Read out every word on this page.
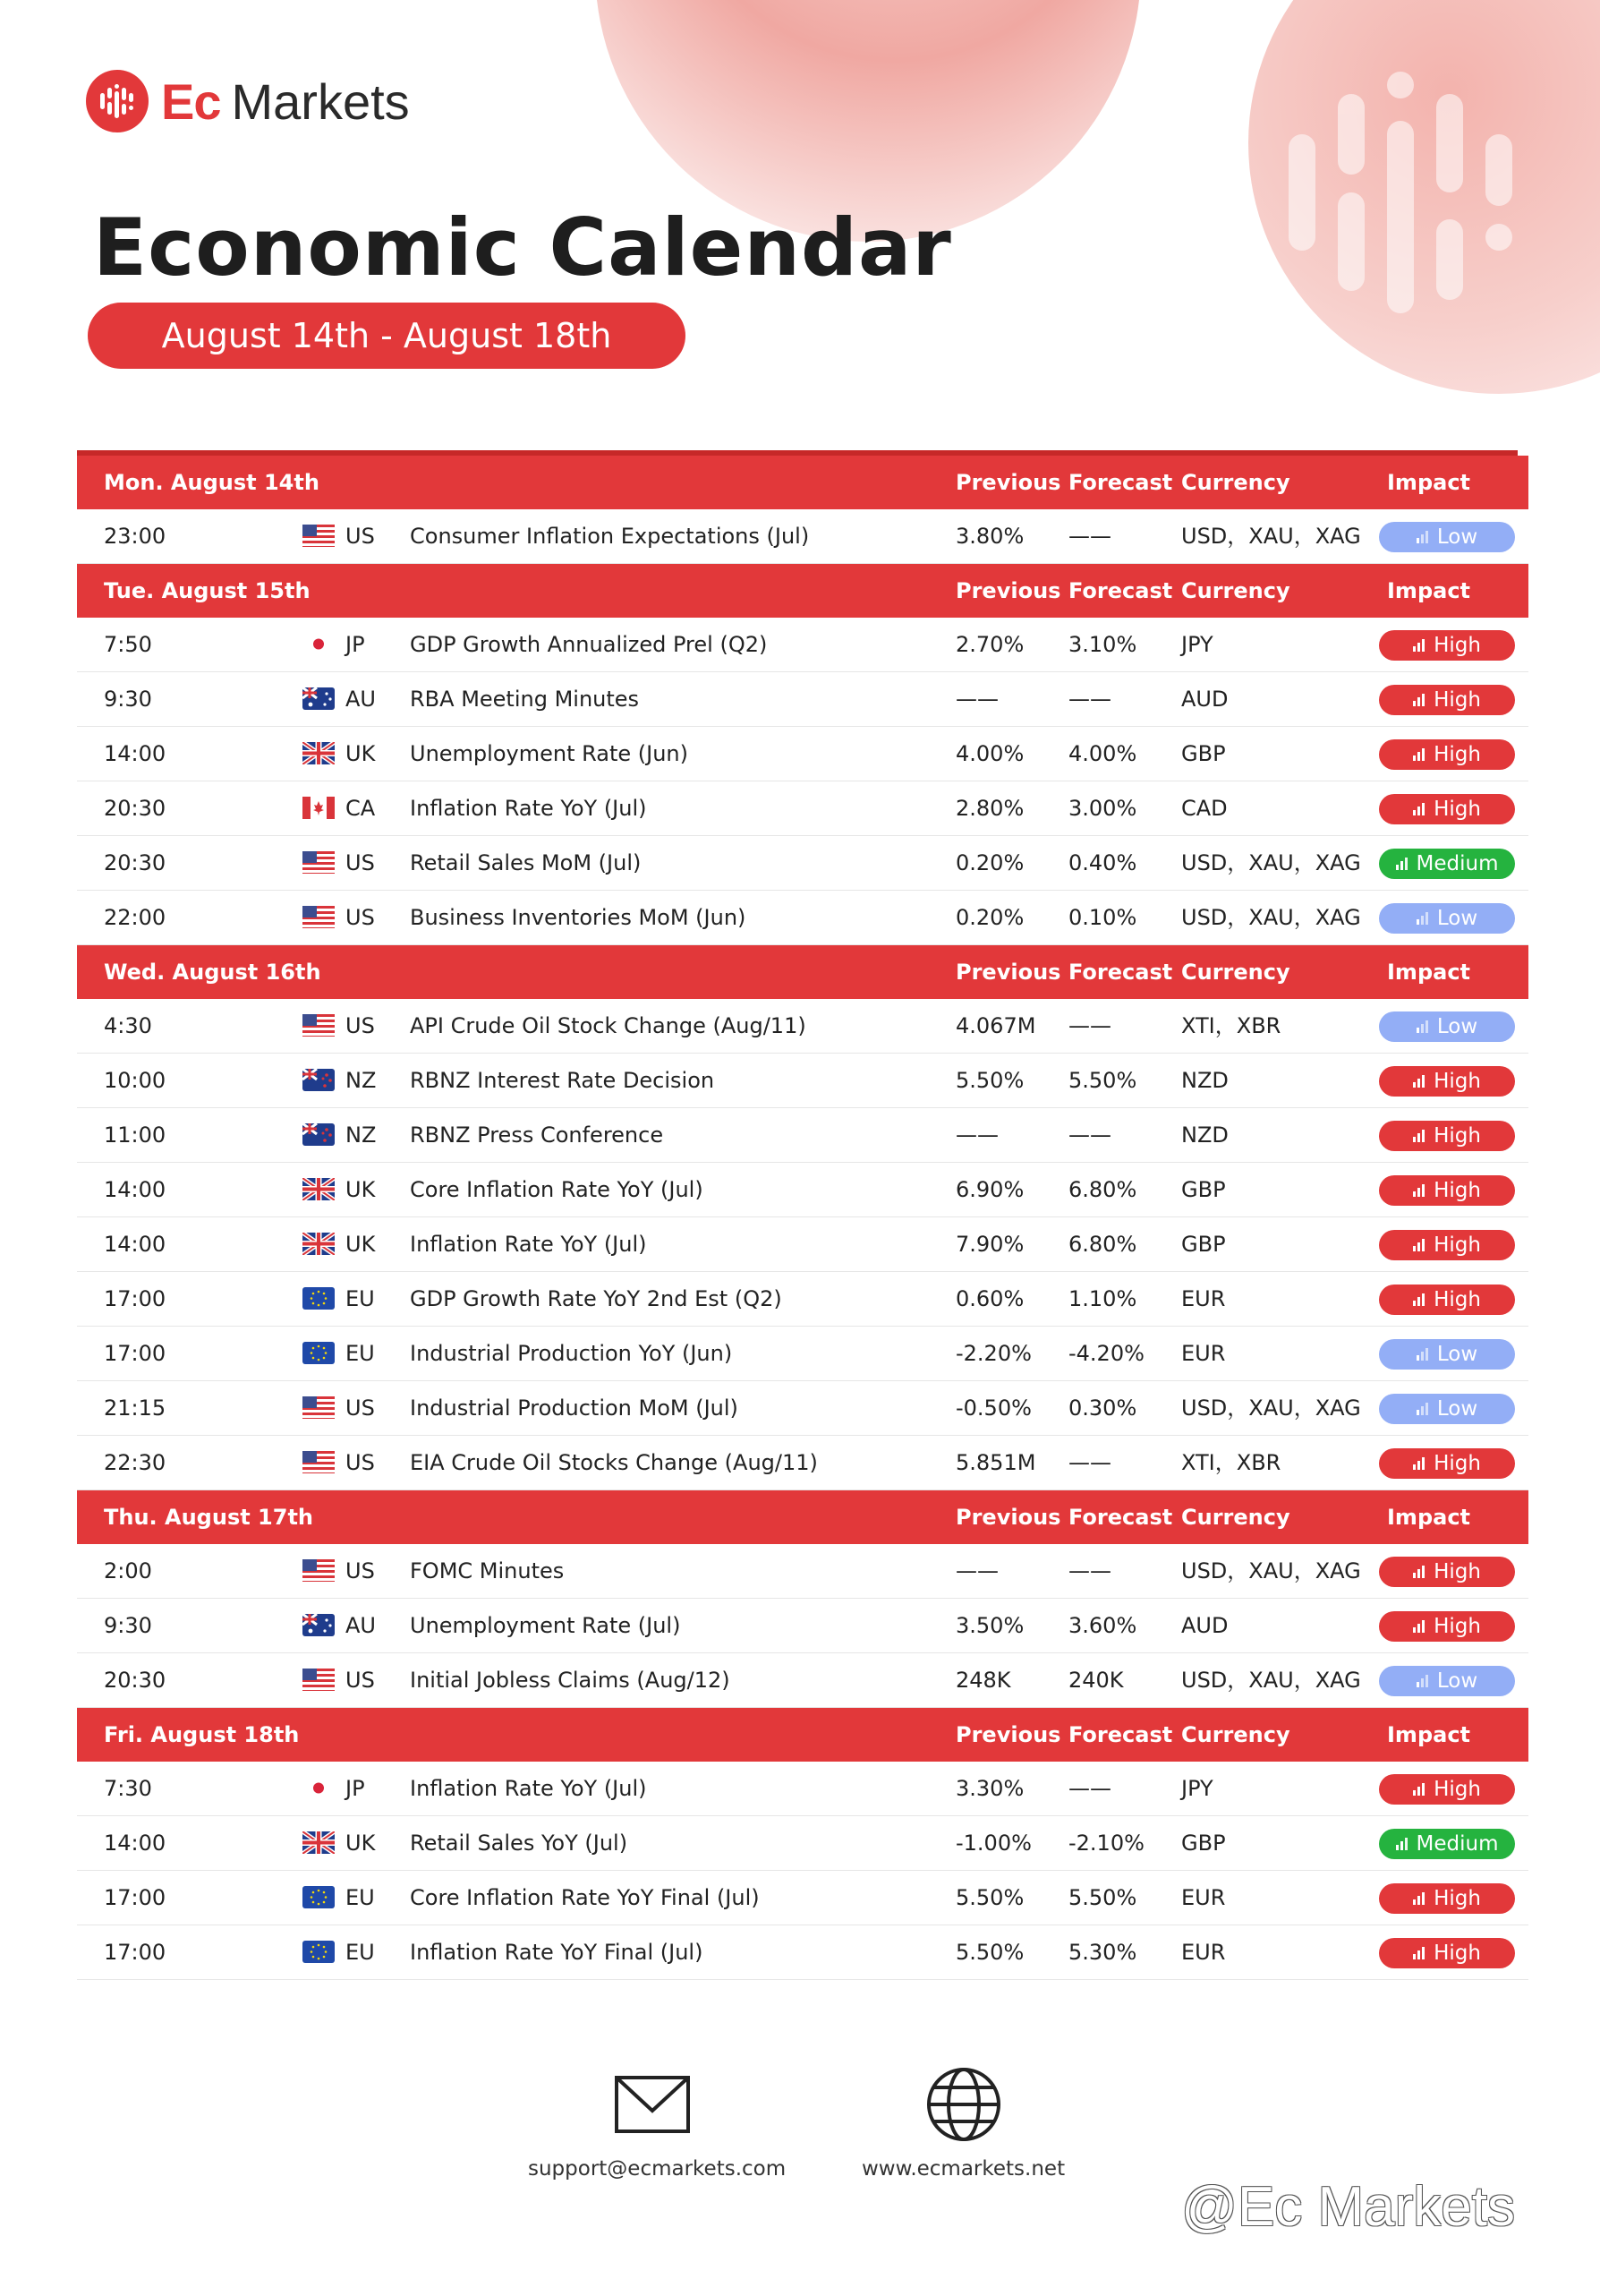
Ec Markets
Economic Calendar
August 14th - August 18th
Mon. August 14th	Previous Forecast Currency	Impact
23:00	US Consumer Inflation Expectations (Jul)	3.80% ——	USD，XAU，XAG	Low
Tue. August 15th	Previous Forecast Currency	Impact
7:50	JP GDP Growth Annualized Prel (Q2)	2.70% 3.10% JPY	High
9:30	AU RBA Meeting Minutes	——	——	AUD	High
14:00	UK Unemployment Rate (Jun)	4.00% 4.00% GBP	High
20:30	CA Inflation Rate YoY (Jul)	2.80% 3.00% CAD	High
20:30	US Retail Sales MoM (Jul)	0.20% 0.40% USD，XAU，XAG	Medium
22:00	US Business Inventories MoM (Jun)	0.20% 0.10% USD，XAU，XAG	Low
Wed. August 16th	Previous Forecast Currency	Impact
4:30	US API Crude Oil Stock Change (Aug/11)	4.067M ——	XTI，XBR	Low
10:00	NZ RBNZ Interest Rate Decision	5.50% 5.50% NZD	High
11:00	NZ RBNZ Press Conference	——	——	NZD	High
14:00	UK Core Inflation Rate YoY (Jul)	6.90% 6.80% GBP	High
14:00	UK Inflation Rate YoY (Jul)	7.90% 6.80% GBP	High
17:00	EU GDP Growth Rate YoY 2nd Est (Q2)	0.60% 1.10% EUR	High
17:00	EU Industrial Production YoY (Jun)	-2.20% -4.20% EUR	Low
21:15	US Industrial Production MoM (Jul)	-0.50% 0.30% USD，XAU，XAG	Low
22:30	US EIA Crude Oil Stocks Change (Aug/11)	5.851M ——	XTI，XBR	High
Thu. August 17th	Previous Forecast Currency	Impact
2:00	US FOMC Minutes	——	——	USD，XAU，XAG	High
9:30	AU Unemployment Rate (Jul)	3.50% 3.60% AUD	High
20:30	US Initial Jobless Claims (Aug/12)	248K	240K	USD，XAU，XAG	Low
Fri. August 18th	Previous Forecast Currency	Impact
7:30	JP Inflation Rate YoY (Jul)	3.30% ——	JPY	High
14:00	UK Retail Sales YoY (Jul)	-1.00% -2.10% GBP	Medium
17:00	EU Core Inflation Rate YoY Final (Jul)	5.50% 5.50% EUR	High
17:00	EU Inflation Rate YoY Final (Jul)	5.50% 5.30% EUR	High
support@ecmarkets.com	www.ecmarkets.net
@Ec Markets
